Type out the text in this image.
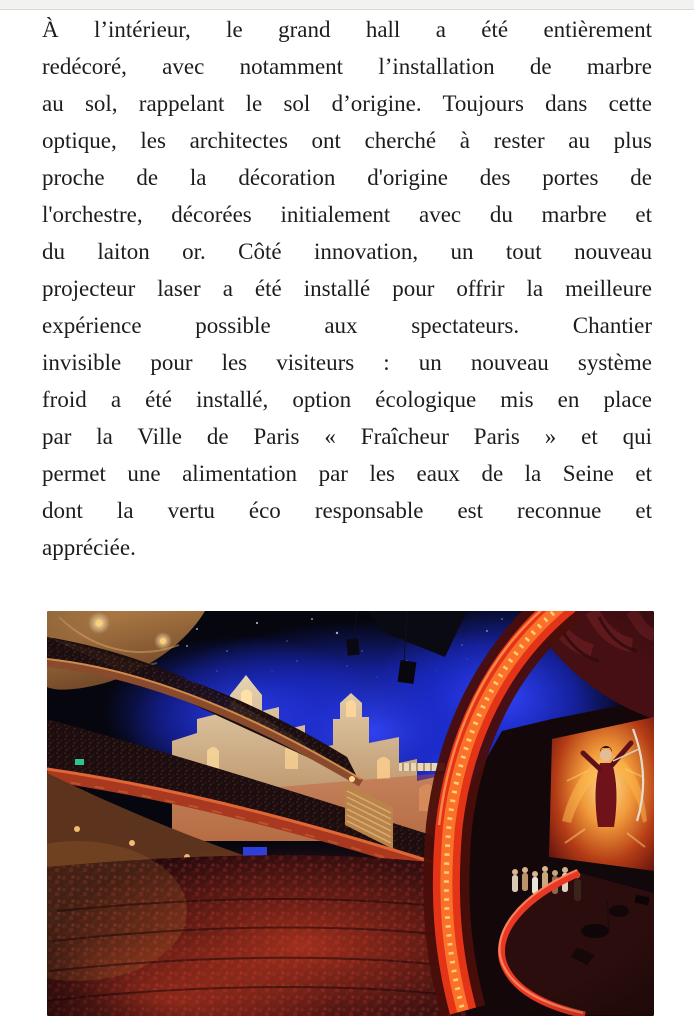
À l’intérieur, le grand hall a été entièrement
redécoré, avec notamment l’installation de marbre
au sol, rappelant le sol d’origine. Toujours dans cette
optique, les architectes ont cherché à rester au plus
proche de la décoration d'origine des portes de
l'orchestre, décorées initialement avec du marbre et
du laiton or. Côté innovation, un tout nouveau
projecteur laser a été installé pour offrir la meilleure
expérience possible aux spectateurs. Chantier
invisible pour les visiteurs : un nouveau système
froid a été installé, option écologique mis en place
par la Ville de Paris « Fraîcheur Paris » et qui
permet une alimentation par les eaux de la Seine et
dont la vertu éco responsable est reconnue et
appréciée.
